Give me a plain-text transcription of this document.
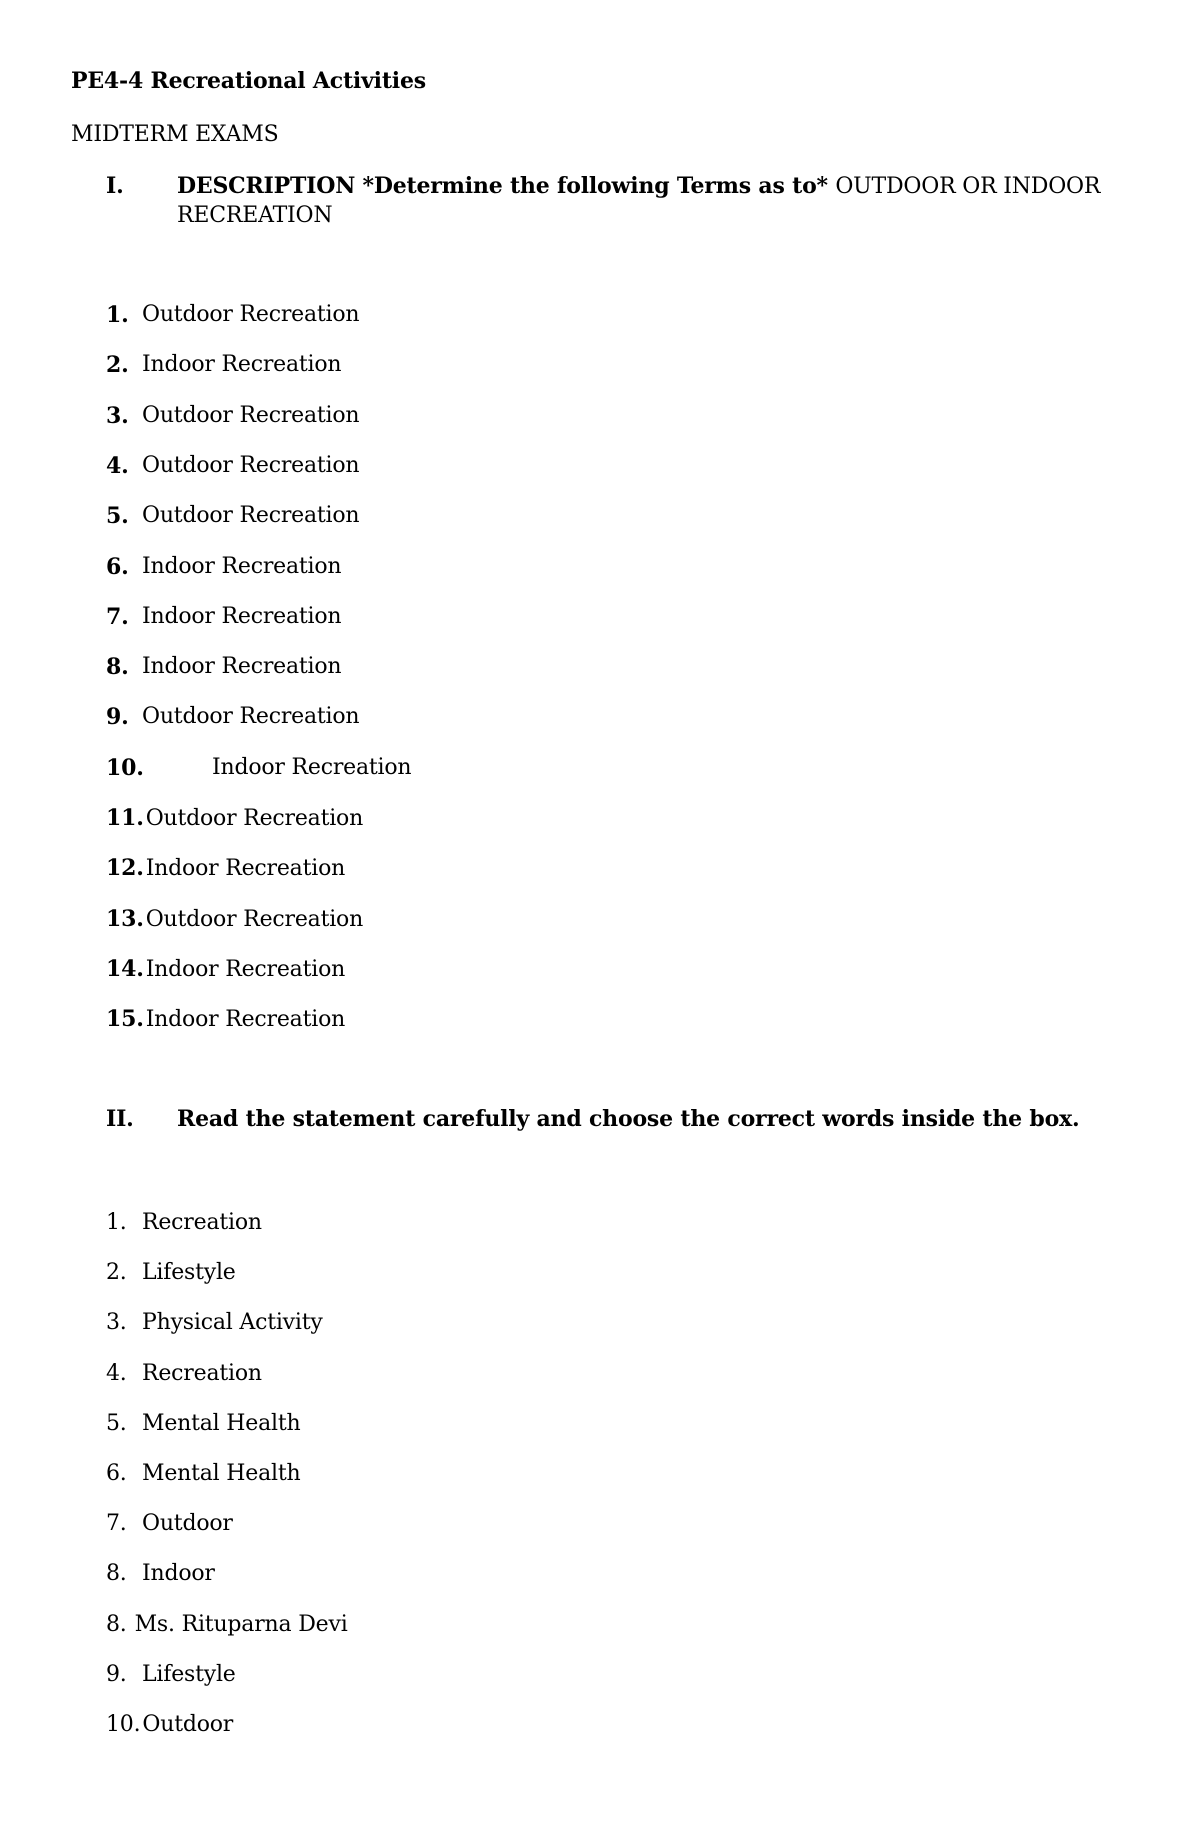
PE4-4 Recreational Activities
MIDTERM EXAMS
I. DESCRIPTION *Determine the following Terms as to* OUTDOOR OR INDOOR RECREATION
1. Outdoor Recreation
2. Indoor Recreation
3. Outdoor Recreation
4. Outdoor Recreation
5. Outdoor Recreation
6. Indoor Recreation
7. Indoor Recreation
8. Indoor Recreation
9. Outdoor Recreation
10.	Indoor Recreation
11.Outdoor Recreation
12.Indoor Recreation
13.Outdoor Recreation
14.Indoor Recreation
15.Indoor Recreation
II. Read the statement carefully and choose the correct words inside the box.
1. Recreation
2. Lifestyle
3. Physical Activity
4. Recreation
5. Mental Health
6. Mental Health
7. Outdoor
8. Indoor
8. Ms. Rituparna Devi
9. Lifestyle
10.Outdoor
